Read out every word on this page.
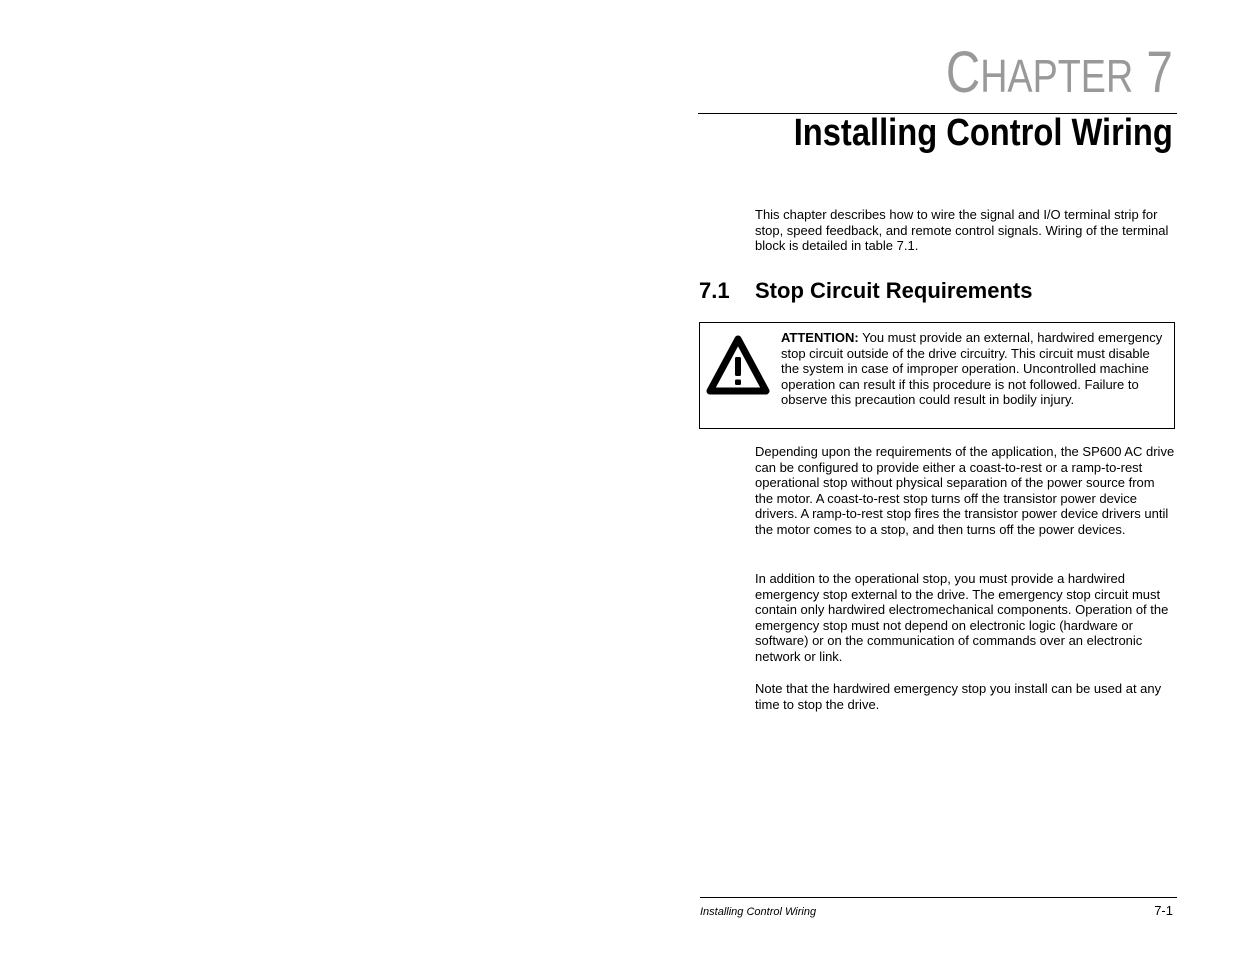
CHAPTER 7
Installing Control Wiring

This chapter describes how to wire the signal and I/O terminal strip for stop, speed feedback, and remote control signals. Wiring of the terminal block is detailed in table 7.1.

7.1 Stop Circuit Requirements

ATTENTION: You must provide an external, hardwired emergency stop circuit outside of the drive circuitry. This circuit must disable the system in case of improper operation. Uncontrolled machine operation can result if this procedure is not followed. Failure to observe this precaution could result in bodily injury.

Depending upon the requirements of the application, the SP600 AC drive can be configured to provide either a coast-to-rest or a ramp-to-rest operational stop without physical separation of the power source from the motor. A coast-to-rest stop turns off the transistor power device drivers. A ramp-to-rest stop fires the transistor power device drivers until the motor comes to a stop, and then turns off the power devices.

In addition to the operational stop, you must provide a hardwired emergency stop external to the drive. The emergency stop circuit must contain only hardwired electromechanical components. Operation of the emergency stop must not depend on electronic logic (hardware or software) or on the communication of commands over an electronic network or link.

Note that the hardwired emergency stop you install can be used at any time to stop the drive.

Installing Control Wiring	7-1
